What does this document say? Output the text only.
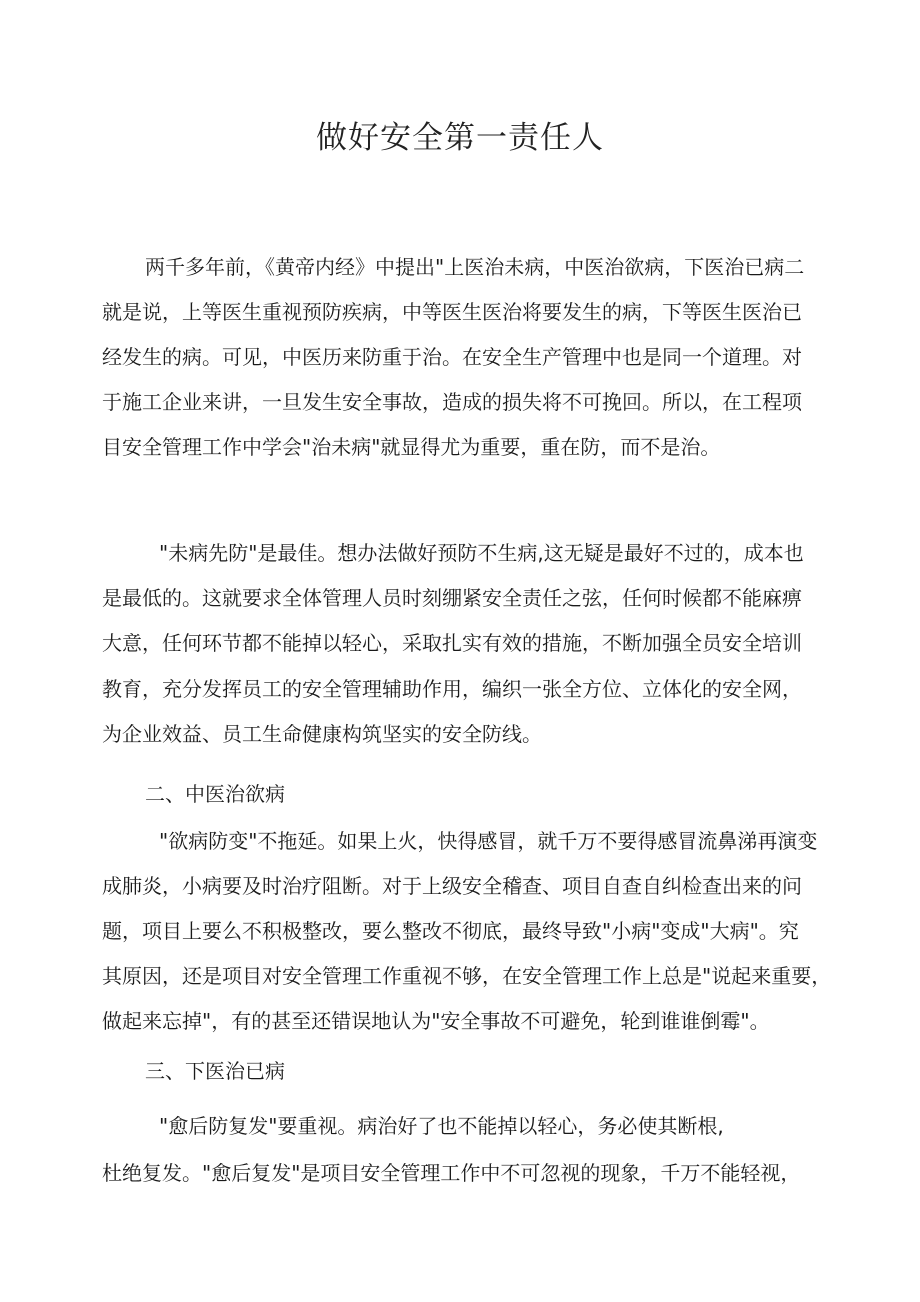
做好安全第一责任人
两千多年前，《黄帝内经》中提出"上医治未病，中医治欲病，下医治已病二
就是说，上等医生重视预防疾病，中等医生医治将要发生的病，下等医生医治已
经发生的病。可见，中医历来防重于治。在安全生产管理中也是同一个道理。对
于施工企业来讲，一旦发生安全事故，造成的损失将不可挽回。所以，在工程项
目安全管理工作中学会"治未病"就显得尤为重要，重在防，而不是治。
"未病先防"是最佳。想办法做好预防不生病,这无疑是最好不过的，成本也
是最低的。这就要求全体管理人员时刻绷紧安全责任之弦，任何时候都不能麻痹
大意，任何环节都不能掉以轻心，采取扎实有效的措施，不断加强全员安全培训
教育，充分发挥员工的安全管理辅助作用，编织一张全方位、立体化的安全网，
为企业效益、员工生命健康构筑坚实的安全防线。
二、中医治欲病
"欲病防变"不拖延。如果上火，快得感冒，就千万不要得感冒流鼻涕再演变
成肺炎，小病要及时治疗阻断。对于上级安全稽查、项目自查自纠检查出来的问
题，项目上要么不积极整改，要么整改不彻底，最终导致"小病"变成"大病"。究
其原因，还是项目对安全管理工作重视不够，在安全管理工作上总是"说起来重要，
做起来忘掉"，有的甚至还错误地认为"安全事故不可避免，轮到谁谁倒霉"。
三、下医治已病
"愈后防复发"要重视。病治好了也不能掉以轻心，务必使其断根,
杜绝复发。"愈后复发"是项目安全管理工作中不可忽视的现象，千万不能轻视，
